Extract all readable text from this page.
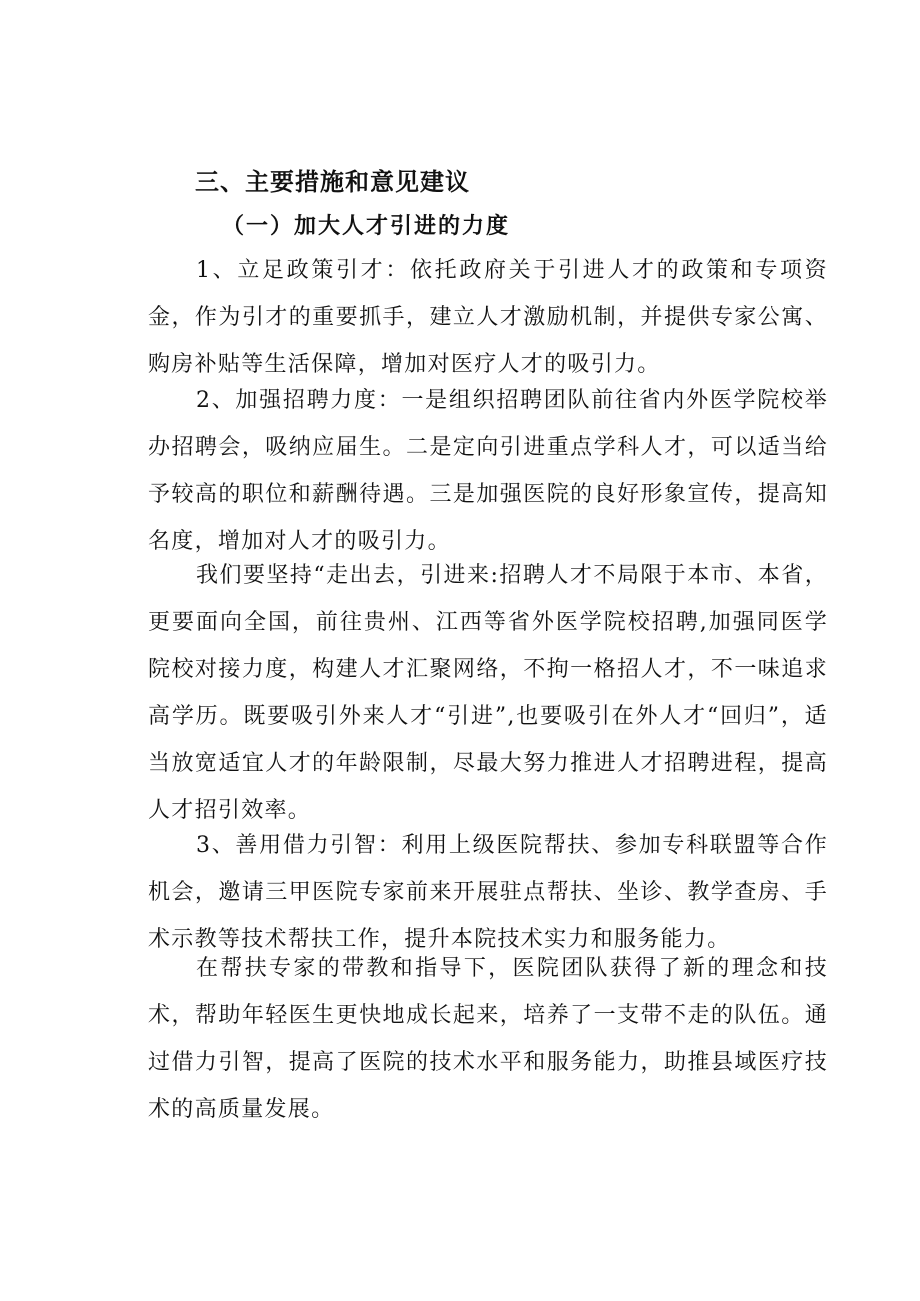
三、主要措施和意见建议
（一）加大人才引进的力度

1、立足政策引才：依托政府关于引进人才的政策和专项资金，作为引才的重要抓手，建立人才激励机制，并提供专家公寓、购房补贴等生活保障，增加对医疗人才的吸引力。

2、加强招聘力度：一是组织招聘团队前往省内外医学院校举办招聘会，吸纳应届生。二是定向引进重点学科人才，可以适当给予较高的职位和薪酬待遇。三是加强医院的良好形象宣传，提高知名度，增加对人才的吸引力。

我们要坚持“走出去，引进来:招聘人才不局限于本市、本省，更要面向全国，前往贵州、江西等省外医学院校招聘,加强同医学院校对接力度，构建人才汇聚网络，不拘一格招人才，不一味追求高学历。既要吸引外来人才“引进”,也要吸引在外人才“回归”，适当放宽适宜人才的年龄限制，尽最大努力推进人才招聘进程，提高人才招引效率。

3、善用借力引智：利用上级医院帮扶、参加专科联盟等合作机会，邀请三甲医院专家前来开展驻点帮扶、坐诊、教学查房、手术示教等技术帮扶工作，提升本院技术实力和服务能力。

在帮扶专家的带教和指导下，医院团队获得了新的理念和技术，帮助年轻医生更快地成长起来，培养了一支带不走的队伍。通过借力引智，提高了医院的技术水平和服务能力，助推县域医疗技术的高质量发展。
